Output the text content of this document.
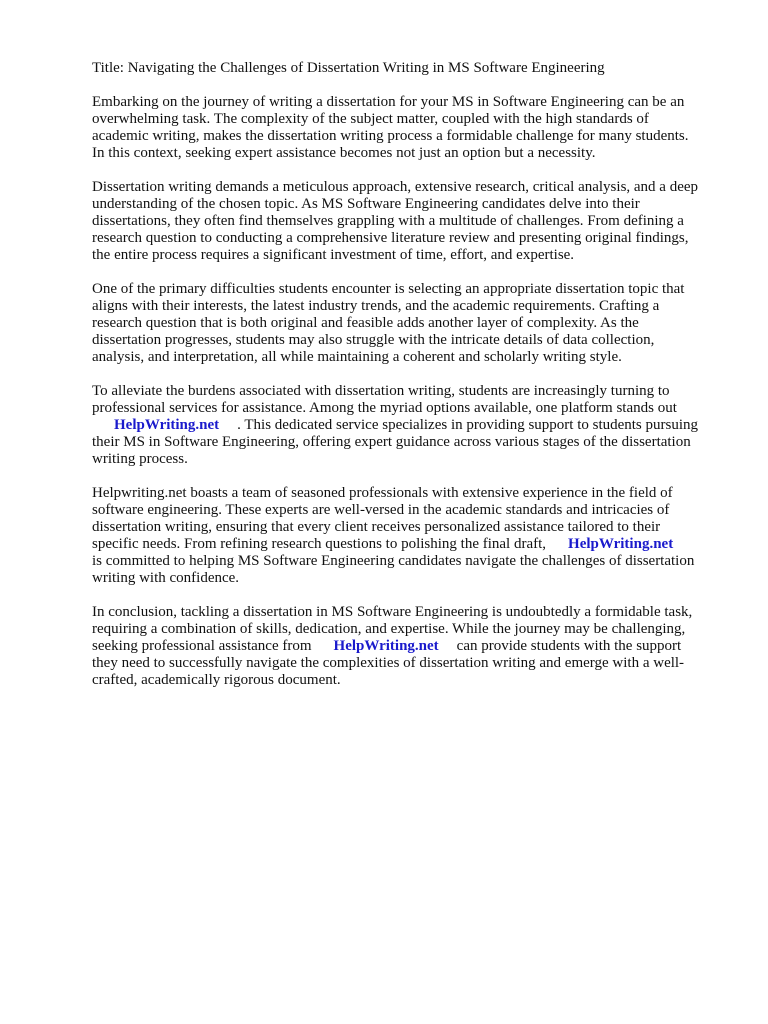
Title: Navigating the Challenges of Dissertation Writing in MS Software Engineering

Embarking on the journey of writing a dissertation for your MS in Software Engineering can be an
overwhelming task. The complexity of the subject matter, coupled with the high standards of
academic writing, makes the dissertation writing process a formidable challenge for many students.
In this context, seeking expert assistance becomes not just an option but a necessity.

Dissertation writing demands a meticulous approach, extensive research, critical analysis, and a deep
understanding of the chosen topic. As MS Software Engineering candidates delve into their
dissertations, they often find themselves grappling with a multitude of challenges. From defining a
research question to conducting a comprehensive literature review and presenting original findings,
the entire process requires a significant investment of time, effort, and expertise.

One of the primary difficulties students encounter is selecting an appropriate dissertation topic that
aligns with their interests, the latest industry trends, and the academic requirements. Crafting a
research question that is both original and feasible adds another layer of complexity. As the
dissertation progresses, students may also struggle with the intricate details of data collection,
analysis, and interpretation, all while maintaining a coherent and scholarly writing style.

To alleviate the burdens associated with dissertation writing, students are increasingly turning to
professional services for assistance. Among the myriad options available, one platform stands out
HelpWriting.net . This dedicated service specializes in providing support to students pursuing
their MS in Software Engineering, offering expert guidance across various stages of the dissertation
writing process.

Helpwriting.net boasts a team of seasoned professionals with extensive experience in the field of
software engineering. These experts are well-versed in the academic standards and intricacies of
dissertation writing, ensuring that every client receives personalized assistance tailored to their
specific needs. From refining research questions to polishing the final draft, HelpWriting.net
is committed to helping MS Software Engineering candidates navigate the challenges of dissertation
writing with confidence.

In conclusion, tackling a dissertation in MS Software Engineering is undoubtedly a formidable task,
requiring a combination of skills, dedication, and expertise. While the journey may be challenging,
seeking professional assistance from HelpWriting.net can provide students with the support
they need to successfully navigate the complexities of dissertation writing and emerge with a well-
crafted, academically rigorous document.
